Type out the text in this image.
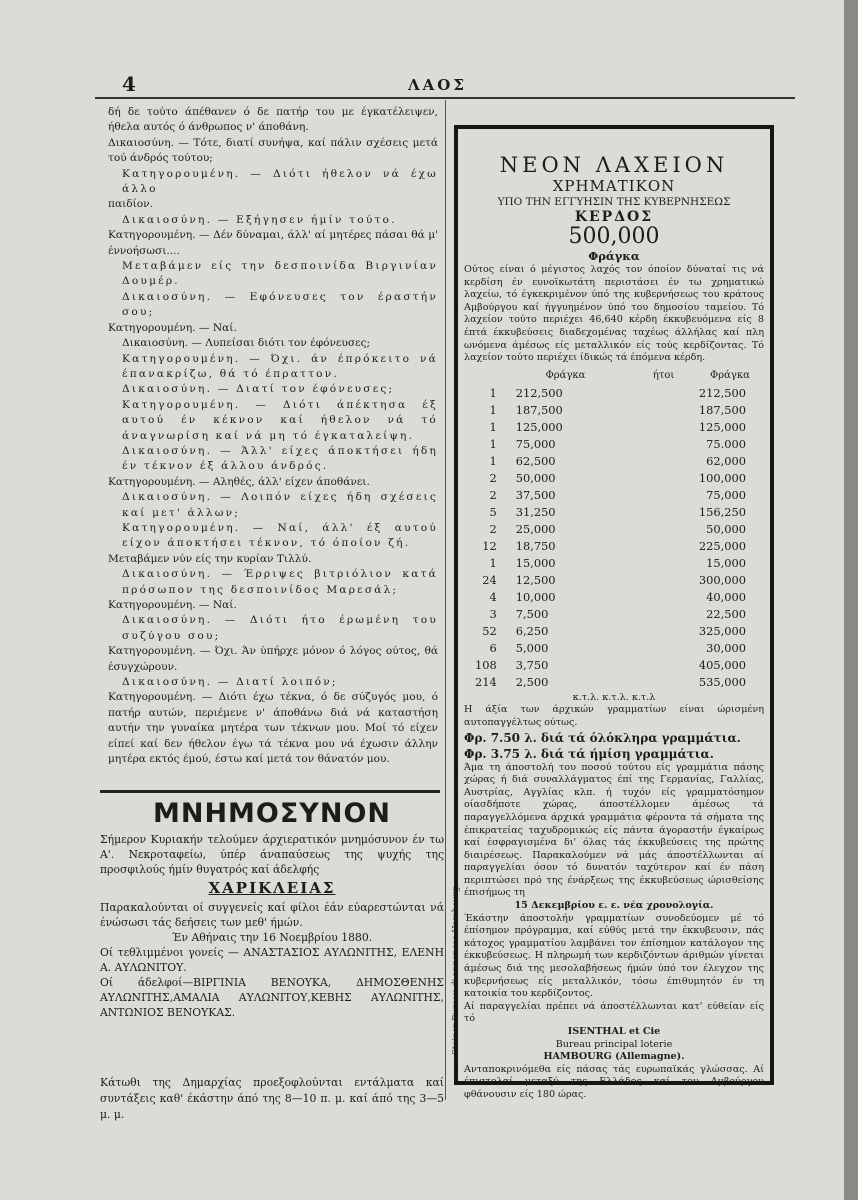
4	ΛΑΟΣ

δή δε τούτο άπέθανεν ό δε πατήρ του με έγκατέλειψεν, ήθελα αυτός ό άνθρωπος ν' άποθάνη.

Δικαιοσύνη. — Τότε, διατί συνήψα, καί πάλιν σχέσεις μετά τού άνδρός τούτου;

Κατηγορουμένη. — Διότι ήθελον νά έχω άλλο

παιδίον.

Δικαιοσύνη. — Εξήγησεν ήμίν τούτο.

Κατηγορουμένη. — Δέν δύναμαι, άλλ' αί μητέρες πάσαι θά μ' έννοήσωσι....

Μεταβάμεν είς την δεσποινίδα Βιργινίαν Δουμέρ.

Δικαιοσύνη. — Εφόνευσες τον έραστήν σου;

Κατηγορουμένη. — Ναί.

Δικαιοσύνη. — Λυπείσαι διότι τον έφόνευσες;

Κατηγορουμένη. — Όχι. άν έπρόκειτο νά έπανακρίζω, θά τό έπραττον.

Δικαιοσύνη. — Διατί τον έφόνευσες;

Κατηγορουμένη. — Διότι άπέκτησα έξ αυτού έν κέκνον καί ήθελον νά τό άναγνωρίση καί νά μη τό έγκαταλείψη.

Δικαιοσύνη. — Άλλ' είχες άποκτήσει ήδη έν τέκνον έξ άλλου άνδρός.

Κατηγορουμένη. — Αληθές, άλλ' είχεν άποθάνει.

Δικαιοσύνη. — Λοιπόν είχες ήδη σχέσεις καί μετ' άλλων;

Κατηγορουμένη. — Ναί, άλλ' έξ αυτού είχον άποκτήσει τέκνον, τό όποίον ζή.

Μεταβάμεν νύν είς την κυρίαν Τιλλύ.

Δικαιοσύνη. — Έρριψες βιτριόλιον κατά πρόσωπον της δεσποινίδος Μαρεσάλ;

Κατηγορουμένη. — Ναί.

Δικαιοσύνη. — Διότι ήτο έρωμένη του συζύγου σου;

Κατηγορουμένη. — Όχι. Άν ύπήρχε μόνον ό λόγος ούτος, θά έσυγχώρουν.

Δικαιοσύνη. — Διατί λοιπόν;

Κατηγορουμένη. — Διότι έχω τέκνα, ό δε σύζυγός μου, ό πατήρ αυτών, περιέμενε ν' άποθάνω διά νά καταστήση αυτήν την γυναίκα μητέρα των τέκνων μου. Μοί τό είχεν είπεί καί δεν ήθελον έγω τά τέκνα μου νά έχωσιν άλλην μητέρα εκτός έμού, έστω καί μετά τον θάνατόν μου.

ΜΝΗΜΟΣΥΝΟΝ

Σήμερον Κυριακήν τελούμεν άρχιερατικόν μνημόσυνον έν τω Α'. Νεκροταφείω, ύπέρ άναπαύσεως της ψυχής της προσφιλούς ήμίν θυγατρός καί άδελφής

ΧΑΡΙΚΛΕΙΑΣ

Παρακαλούνται οί συγγενείς καί φίλοι έάν εύαρεστώνται νά ένώσωσι τάς δεήσεις των μεθ' ήμών.

Έν Αθήναις την 16 Νοεμβρίου 1880.

Οί τεθλιμμένοι γονείς — ΑΝΑΣΤΑΣΙΟΣ ΑΥΛΩΝΙΤΗΣ, ΕΛΕΝΗ Α. ΑΥΛΩΝΙΤΟΥ.

Οί άδελφοί—ΒΙΡΓΙΝΙΑ ΒΕΝΟΥΚΑ, ΔΗΜΟΣΘΕΝΗΣ ΑΥΛΩΝΙΤΗΣ,ΑΜΑΛΙΑ ΑΥΛΩΝΙΤΟΥ,ΚΕΒΗΣ ΑΥΛΩΝΙΤΗΣ, ΑΝΤΩΝΙΟΣ ΒΕΝΟΥΚΑΣ.

Κάτωθι της Δημαρχίας προεξοφλούνται εντάλματα καί συντάξεις καθ' έκάστην άπό της 8—10 π. μ. καί άπό της 3—5 μ. μ.
Steiner Bureau d' annonces Hambourg
ΝΕΟΝ ΛΑΧΕΙΟΝ
ΧΡΗΜΑΤΙΚΟΝ
ΥΠΟ ΤΗΝ ΕΓΓΥΗΣΙΝ ΤΗΣ ΚΥΒΕΡΝΗΣΕΩΣ
ΚΕΡΔΟΣ
500,000
Φράγκα

Ούτος είναι ό μέγιστος λαχός τον όποίον δύναταί τις νά κερδίση έν ευνοϊκωτάτη περιστάσει έν τω χρηματικώ λαχείω, τό έγκεκριμένον ύπό της κυβερνήσεως του κράτους Αμβούργου καί ήγγυημένον ύπό του δημοσίου ταμείου. Τό λαχείον τούτο περιέχει 46,640 κέρδη έκκυβευόμενα είς 8 έπτά έκκυβεύσεις διαδεχομένας ταχέως άλλήλας καί πλη ωνόμενα άμέσως είς μεταλλικόν είς τούς κερδίζοντας. Τό λαχείον τούτο περιέχει ίδικώς τά έπόμενα κέρδη.

	Φράγκα	ήτοι	Φράγκα
1	212,500		212,500
1	187,500		187,500
1	125,000		125,000
1	75,000		75.000
1	62,500		62,000
2	50,000		100,000
2	37,500		75,000
5	31,250		156,250
2	25,000		50,000
12	18,750		225,000
1	15,000		15,000
24	12,500		300,000
4	10,000		40,000
3	7,500		22,500
52	6,250		325,000
6	5,000		30,000
108	3,750		405,000
214	2,500		535,000

κ.τ.λ. κ.τ.λ. κ.τ.λ

Η άξία των άρχικών γραμματίων είναι ώρισμένη αυτοπαγγέλτως ούτως.

Φρ. 7.50 λ. διά τά όλόκληρα γραμμάτια.

Φρ. 3.75 λ. διά τά ήμίση γραμμάτια.

Άμα τη άποστολή του ποσού τούτου είς γραμμάτια πάσης χώρας ή διά συναλλάγματος έπί της Γερμανίας, Γαλλίας, Αυστρίας, Αγγλίας κλπ. ή τυχόν είς γραμματόσημον οίασδήποτε χώρας, άποστέλλομεν άμέσως τά παραγγελλόμενα άρχικά γραμμάτια φέροντα τά σήματα της έπικρατείας ταχυδρομικώς είς πάντα άγοραστήν έγκαίρως καί έσφραγισμένα δι' όλας τάς έκκυβεύσεις της πρώτης διαιρέσεως. Παρακαλούμεν νά μάς άποστέλλωνται αί παραγγελίαι όσον τό δυνατόν ταχύτερον καί έν πάση περιπτώσει πρό της ένάρξεως της έκκυβεύσεως ώρισθείσης έπισήμως τη

15 Δεκεμβρίου ε. ε. νέα χρονολογία.

Έκάστην άποστολήν γραμματίων συνοδεύομεν μέ τό έπίσημον πρόγραμμα, καί εύθύς μετά την έκκυβευσιν, πάς κάτοχος γραμματίου λαμβάνει τον έπίσημον κατάλογον της έκκυβεύσεως. Η πληρωμή των κερδιζόντων άριθμών γίνεται άμέσως διά της μεσολαβήσεως ήμών ύπό τον έλεγχον της κυβερνήσεως είς μεταλλικόν, τόσω έπιθυμητόν έν τη κατοικία του κερδίζοντος.

Αί παραγγελίαι πρέπει νά άποστέλλωνται κατ' εύθείαν είς τό

ISENTHAL et Cie

Bureau principal loterie

HAMBOURG (Allemagne).

Ανταποκρινόμεθα είς πάσας τάς ευρωπαϊκάς γλώσσας. Αί έπιστολαί μεταξύ της Ελλάδος καί του Αμβούργου φθάνουσιν είς 180 ώρας.
